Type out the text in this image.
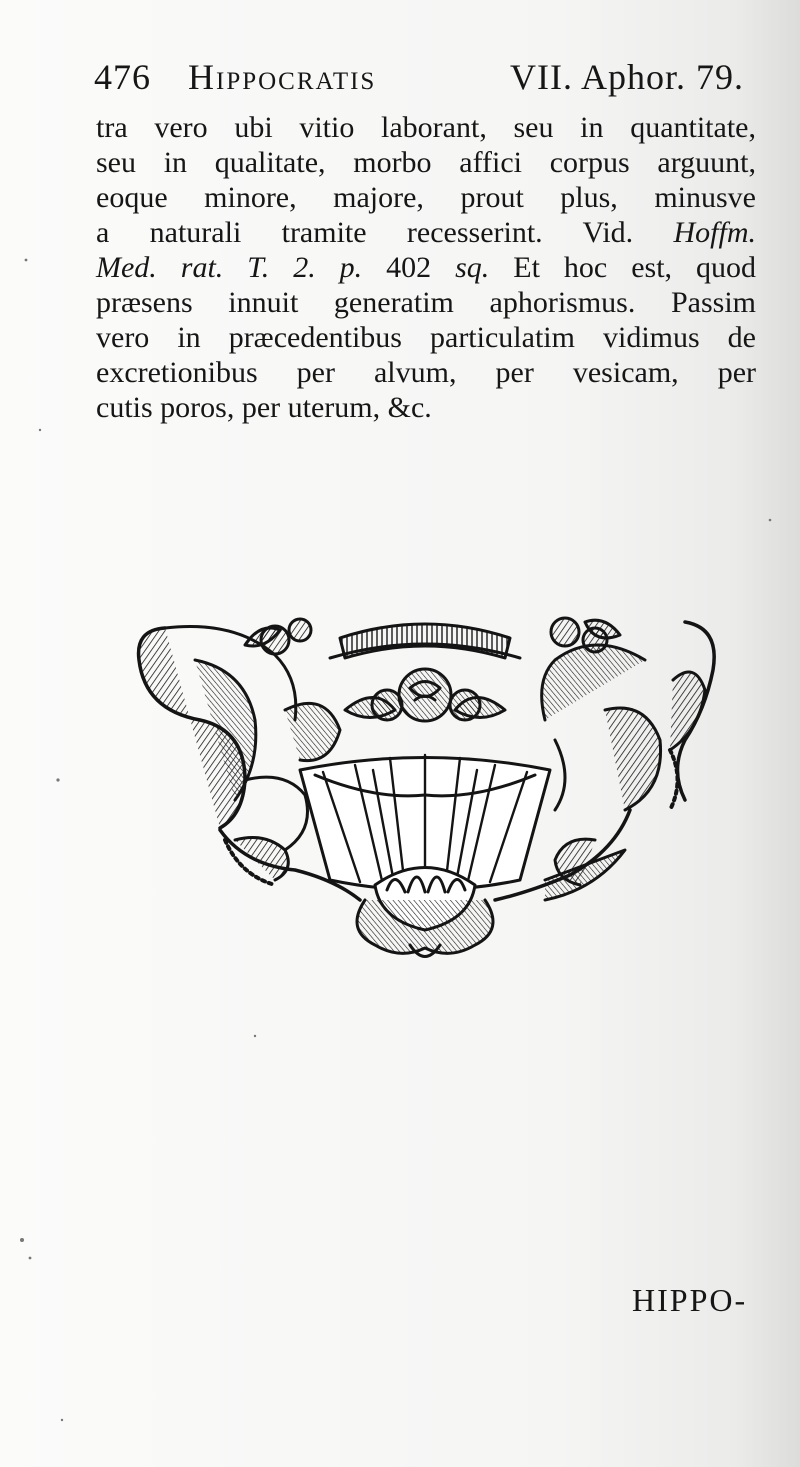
476 Hippocratis	VII. Aphor. 79.
tra vero ubi vitio laborant, seu in quantitate,
seu in qualitate, morbo affici corpus arguunt,
eoque minore, majore, prout plus, minusve
a naturali tramite recesserint. Vid. Hoffm.
Med. rat. T. 2. p. 402 sq. Et hoc est, quod
præsens innuit generatim aphorismus. Passim
vero in præcedentibus particulatim vidimus de
excretionibus per alvum, per vesicam, per
cutis poros, per uterum, &c.
HIPPO-
